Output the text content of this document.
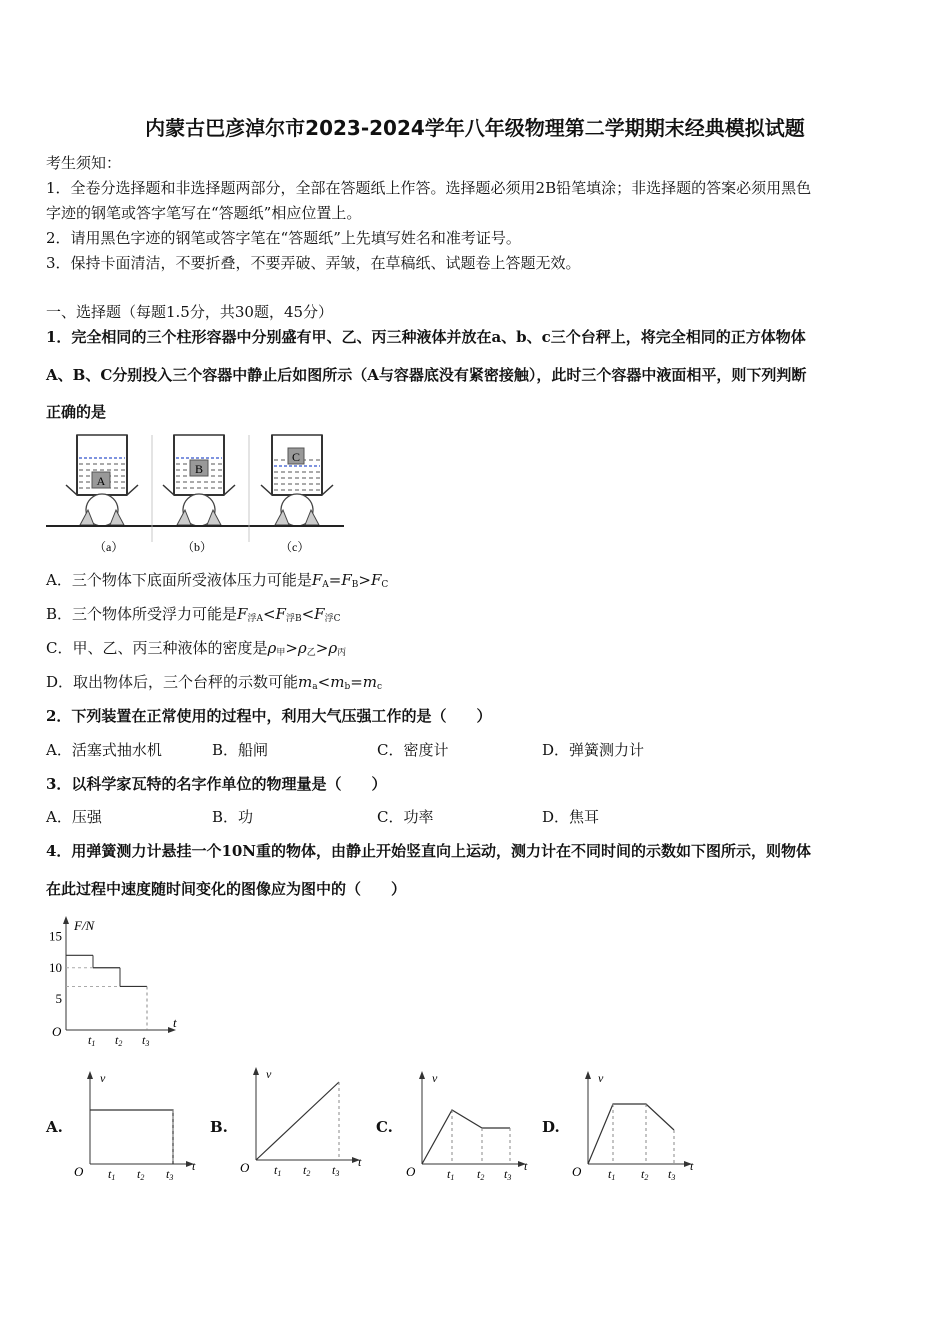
内蒙古巴彦淖尔市2023-2024学年八年级物理第二学期期末经典模拟试题
考生须知：
1．全卷分选择题和非选择题两部分，全部在答题纸上作答。选择题必须用2B铅笔填涂；非选择题的答案必须用黑色
字迹的钢笔或答字笔写在“答题纸”相应位置上。
2．请用黑色字迹的钢笔或答字笔在“答题纸”上先填写姓名和准考证号。
3．保持卡面清洁，不要折叠，不要弄破、弄皱，在草稿纸、试题卷上答题无效。
一、选择题（每题1.5分，共30题，45分）
1．完全相同的三个柱形容器中分别盛有甲、乙、丙三种液体并放在a、b、c三个台秤上，将完全相同的正方体物体
A、B、C分别投入三个容器中静止后如图所示（A与容器底没有紧密接触），此时三个容器中液面相平，则下列判断
正确的是
A
（a）
B
（b）
C
（c）
A．三个物体下底面所受液体压力可能是$F_A=F_B>F_C$
B．三个物体所受浮力可能是$F_{浮A}<F_{浮B}<F_{浮C}$
C．甲、乙、丙三种液体的密度是$\rho_甲>\rho_乙>\rho_丙$
D．取出物体后，三个台秤的示数可能$m_a<m_b=m_c$
2．下列装置在正常使用的过程中，利用大气压强工作的是（　　）
A．活塞式抽水机	B．船闸	C．密度计	D．弹簧测力计
3．以科学家瓦特的名字作单位的物理量是（　　）
A．压强	B．功	C．功率	D．焦耳
4．用弹簧测力计悬挂一个10N重的物体，由静止开始竖直向上运动，测力计在不同时间的示数如下图所示，则物体
在此过程中速度随时间变化的图像应为图中的（　　）
F/N
t
O
15
10
5
t1 t2 t3
A.	B.	C.	D.
v
t
O t1 t2 t3
v
t
O t1 t2 t3
v
t
O	t1 t2 t3
v
t
O t1 t2 t3
